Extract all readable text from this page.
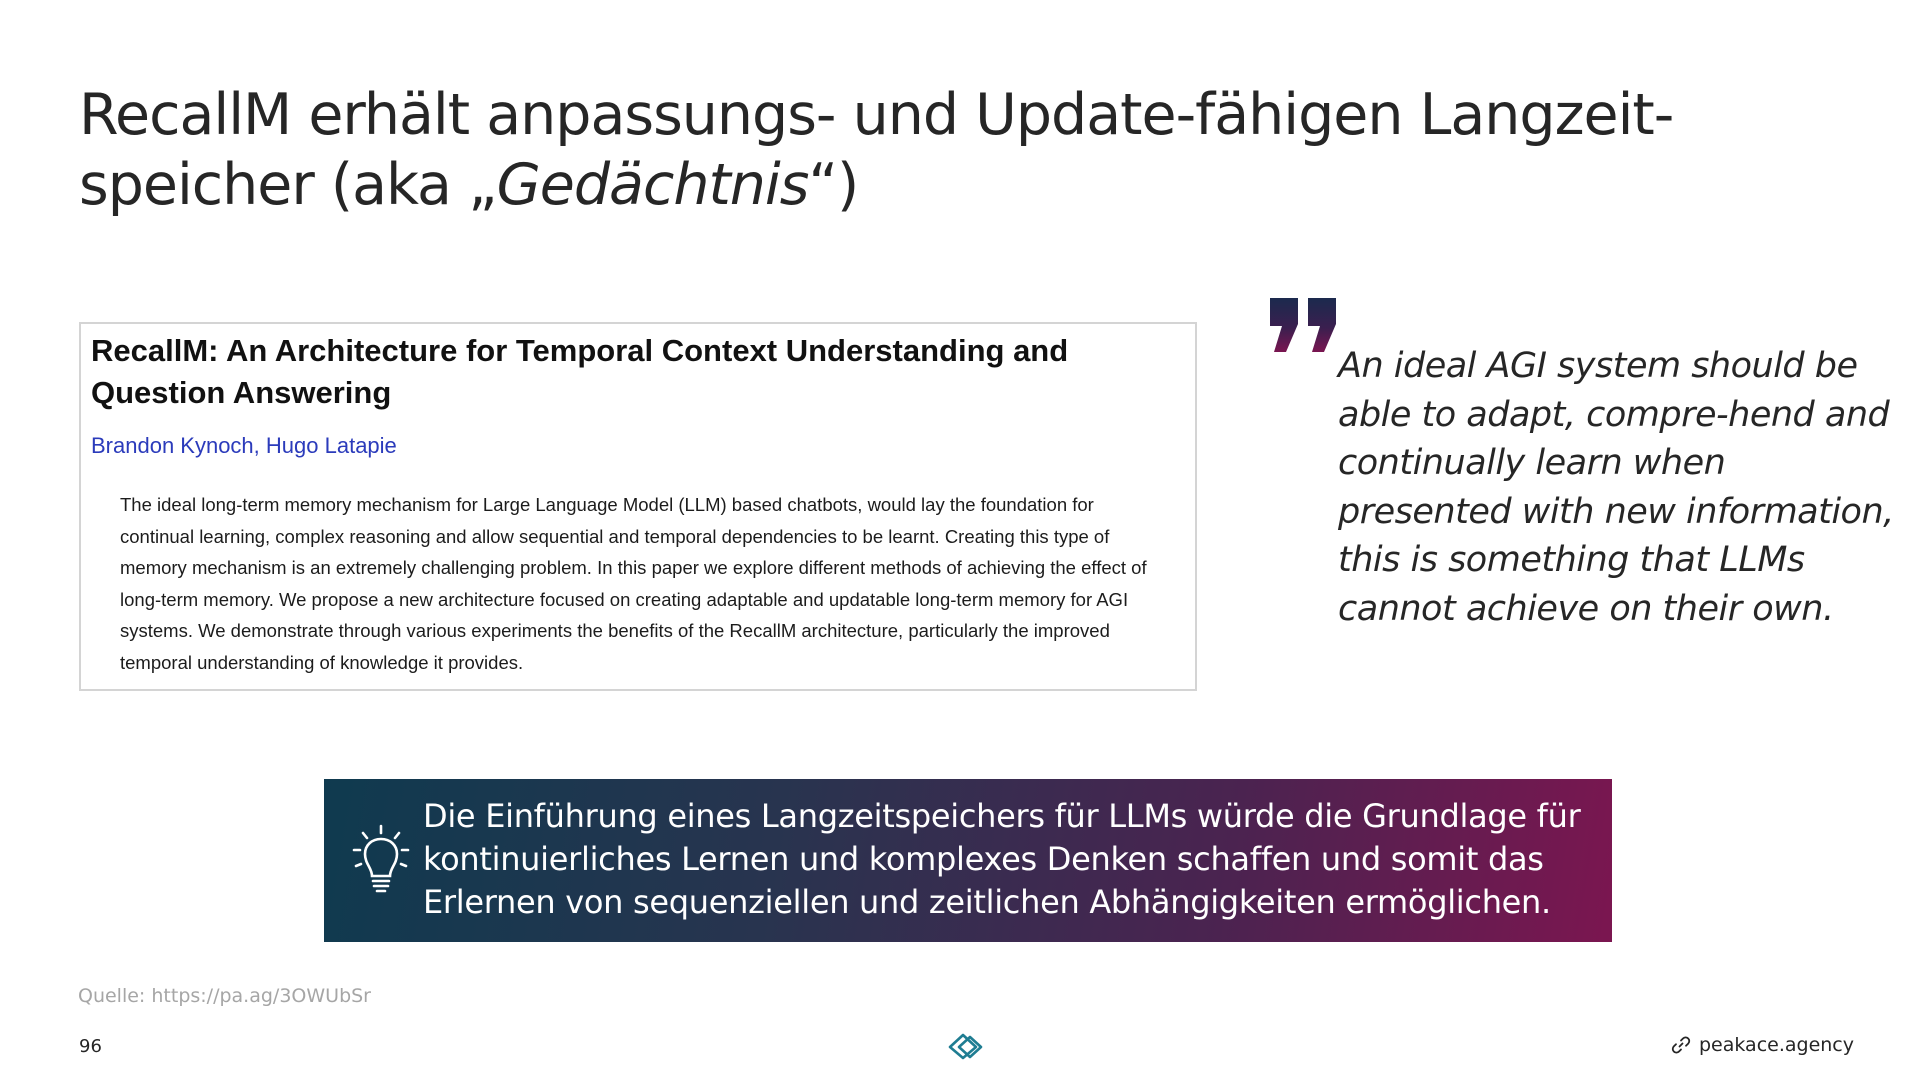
RecallM erhält anpassungs- und Update-fähigen Langzeit-speicher (aka „Gedächtnis“)
RecallM: An Architecture for Temporal Context Understanding and Question Answering
Brandon Kynoch, Hugo Latapie

The ideal long-term memory mechanism for Large Language Model (LLM) based chatbots, would lay the foundation for continual learning, complex reasoning and allow sequential and temporal dependencies to be learnt. Creating this type of memory mechanism is an extremely challenging problem. In this paper we explore different methods of achieving the effect of long-term memory. We propose a new architecture focused on creating adaptable and updatable long-term memory for AGI systems. We demonstrate through various experiments the benefits of the RecallM architecture, particularly the improved temporal understanding of knowledge it provides.

An ideal AGI system should be able to adapt, compre-hend and continually learn when presented with new information, this is something that LLMs cannot achieve on their own.

Die Einführung eines Langzeitspeichers für LLMs würde die Grundlage für kontinuierliches Lernen und komplexes Denken schaffen und somit das Erlernen von sequenziellen und zeitlichen Abhängigkeiten ermöglichen.

Quelle: https://pa.ag/3OWUbSr
96	peakace.agency
